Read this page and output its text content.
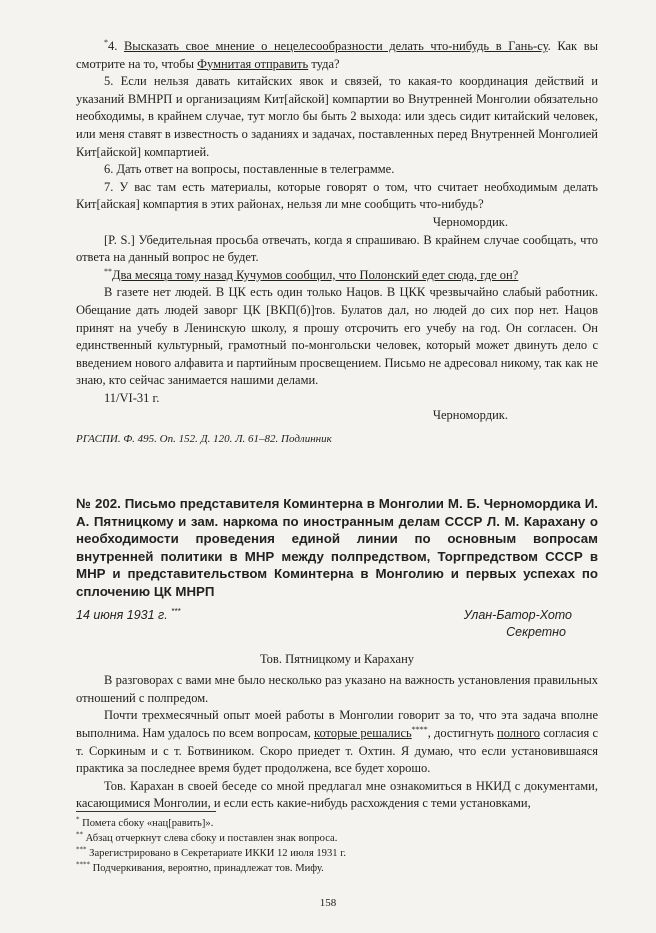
*4. Высказать свое мнение о нецелесообразности делать что-нибудь в Гань-су. Как вы смотрите на то, чтобы Фумнитая отправить туда?

5. Если нельзя давать китайских явок и связей, то какая-то координация действий и указаний ВМНРП и организациям Кит[айской] компартии во Внутренней Монголии обязательно необходимы, в крайнем случае, тут могло бы быть 2 выхода: или здесь сидит китайский человек, или меня ставят в известность о заданиях и задачах, поставленных перед Внутренней Монголией Кит[айской] компартией.

6. Дать ответ на вопросы, поставленные в телеграмме.

7. У вас там есть материалы, которые говорят о том, что считает необходимым делать Кит[айская] компартия в этих районах, нельзя ли мне сообщить что-нибудь?

Черномордик.

[P. S.] Убедительная просьба отвечать, когда я спрашиваю. В крайнем случае сообщать, что ответа на данный вопрос не будет.

**Два месяца тому назад Кучумов сообщил, что Полонский едет сюда, где он?

В газете нет людей. В ЦК есть один только Нацов. В ЦКК чрезвычайно слабый работник. Обещание дать людей заворг ЦК [ВКП(б)]тов. Булатов дал, но людей до сих пор нет. Нацов принят на учебу в Ленинскую школу, я прошу отсрочить его учебу на год. Он согласен. Он единственный культурный, грамотный по-монгольски человек, который может двинуть дело с введением нового алфавита и партийным просвещением. Письмо не адресовал никому, так как не знаю, кто сейчас занимается нашими делами.

11/VI-31 г.

Черномордик.

РГАСПИ. Ф. 495. Оп. 152. Д. 120. Л. 61–82. Подлинник

№ 202. Письмо представителя Коминтерна в Монголии М. Б. Черномордика И. А. Пятницкому и зам. наркома по иностранным делам СССР Л. М. Карахану о необходимости проведения единой линии по основным вопросам внутренней политики в МНР между полпредством, Торгпредством СССР в МНР и представительством Коминтерна в Монголию и первых успехах по сплочению ЦК МНРП

14 июня 1931 г. ***	Улан-Батор-Хото
Секретно

Тов. Пятницкому и Карахану

В разговорах с вами мне было несколько раз указано на важность установления правильных отношений с полпредом.

Почти трехмесячный опыт моей работы в Монголии говорит за то, что эта задача вполне выполнима. Нам удалось по всем вопросам, которые решались****, достигнуть полного согласия с т. Соркиным и с т. Ботвиником. Скоро приедет т. Охтин. Я думаю, что если установившаяся практика за последнее время будет продолжена, все будет хорошо.

Тов. Карахан в своей беседе со мной предлагал мне ознакомиться в НКИД с документами, касающимися Монголии, и если есть какие-нибудь расхождения с теми установками,

* Помета сбоку «нац[равить]».

** Абзац отчеркнут слева сбоку и поставлен знак вопроса.

*** Зарегистрировано в Секретариате ИККИ 12 июля 1931 г.

**** Подчеркивания, вероятно, принадлежат тов. Мифу.

158
